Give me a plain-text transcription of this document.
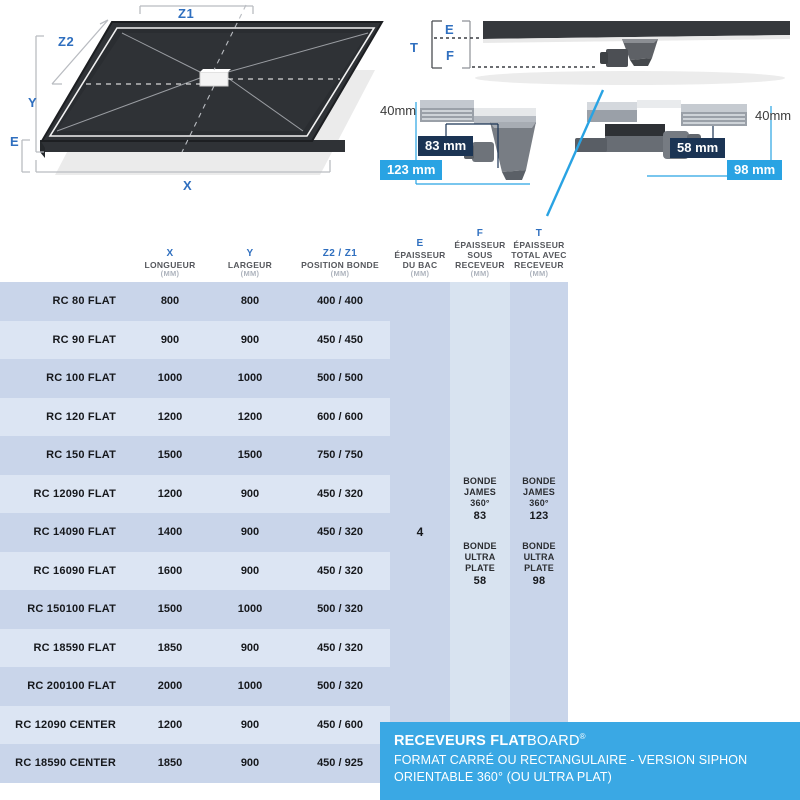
Z1
Z2
Y
E
X
T
E
F
40mm
83 mm
123 mm
40mm
58 mm
98 mm
X
LONGUEUR
(MM)
Y
LARGEUR
(MM)
Z2 / Z1
POSITION BONDE
(MM)
E
ÉPAISSEUR DU BAC
(MM)
F
ÉPAISSEUR SOUS RECEVEUR
(MM)
T
ÉPAISSEUR TOTAL AVEC RECEVEUR
(MM)
RC 80 FLAT	800	800	400 / 400
RC 90 FLAT	900	900	450 / 450
RC 100 FLAT	1000	1000	500 / 500
RC 120 FLAT	1200	1200	600 / 600
RC 150 FLAT	1500	1500	750 / 750
RC 12090 FLAT	1200	900	450 / 320
RC 14090 FLAT	1400	900	450 / 320
RC 16090 FLAT	1600	900	450 / 320
RC 150100 FLAT	1500	1000	500 / 320
RC 18590 FLAT	1850	900	450 / 320
RC 200100 FLAT	2000	1000	500 / 320
RC 12090 CENTER	1200	900	450 / 600
RC 18590 CENTER	1850	900	450 / 925
4
BONDE
JAMES
360°
83
BONDE
ULTRA
PLATE
58
BONDE
JAMES
360°
123
BONDE
ULTRA
PLATE
98
RECEVEURS FLATBOARD®
FORMAT CARRÉ OU RECTANGULAIRE - VERSION SIPHON
ORIENTABLE 360° (OU ULTRA PLAT)
